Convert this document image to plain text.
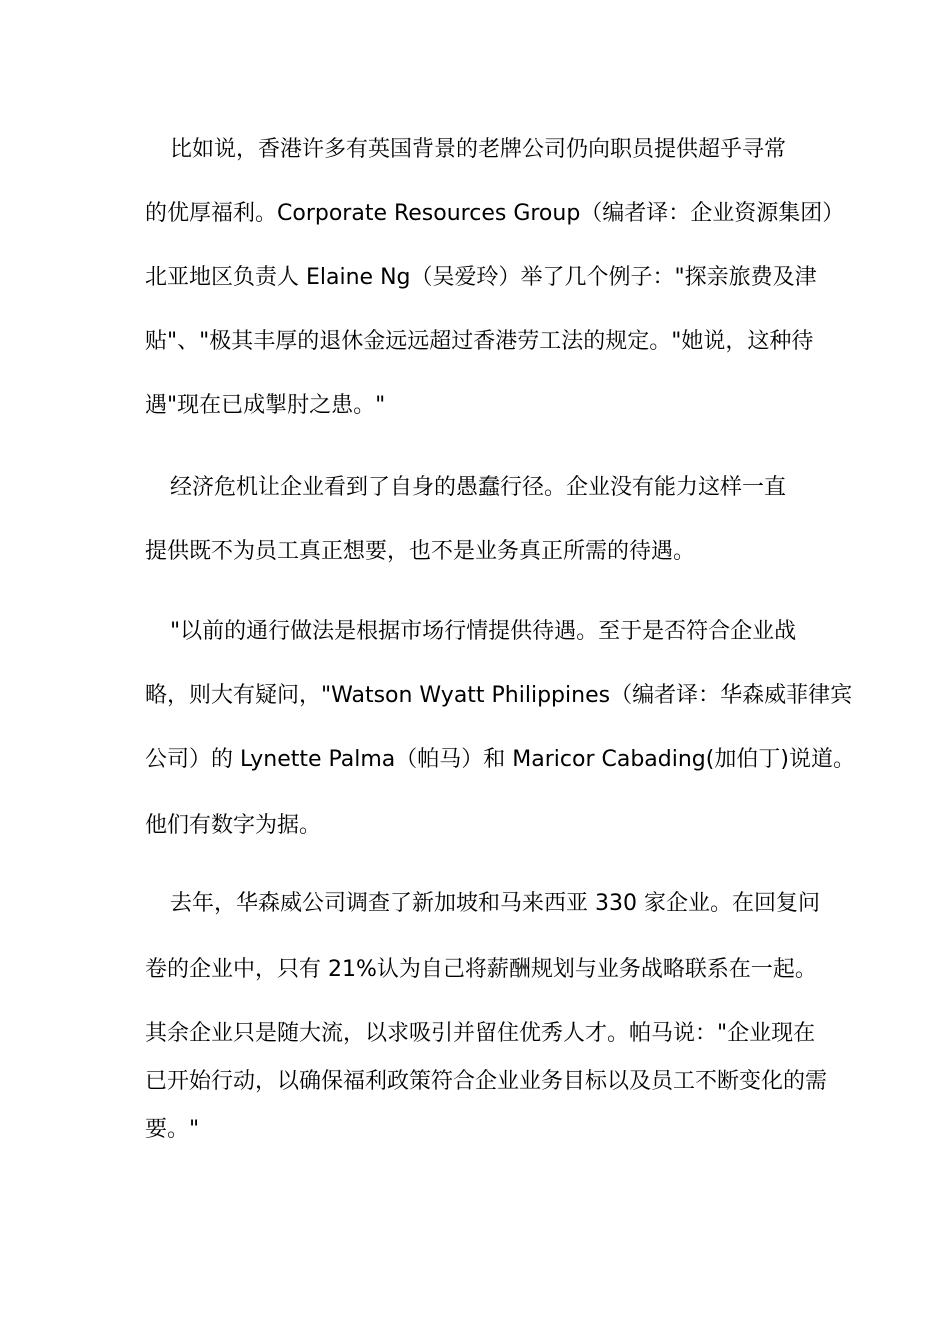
比如说，香港许多有英国背景的老牌公司仍向职员提供超乎寻常
的优厚福利。Corporate Resources Group（编者译：企业资源集团）
北亚地区负责人 Elaine Ng（吴爱玲）举了几个例子："探亲旅费及津
贴"、"极其丰厚的退休金远远超过香港劳工法的规定。"她说，这种待
遇"现在已成掣肘之患。"
经济危机让企业看到了自身的愚蠢行径。企业没有能力这样一直
提供既不为员工真正想要，也不是业务真正所需的待遇。
"以前的通行做法是根据市场行情提供待遇。至于是否符合企业战
略，则大有疑问，"Watson Wyatt Philippines（编者译：华森威菲律宾
公司）的 Lynette Palma（帕马）和 Maricor Cabading(加伯丁)说道。
他们有数字为据。
去年，华森威公司调查了新加坡和马来西亚 330 家企业。在回复问
卷的企业中，只有 21%认为自己将薪酬规划与业务战略联系在一起。
其余企业只是随大流，以求吸引并留住优秀人才。帕马说："企业现在
已开始行动，以确保福利政策符合企业业务目标以及员工不断变化的需
要。"
